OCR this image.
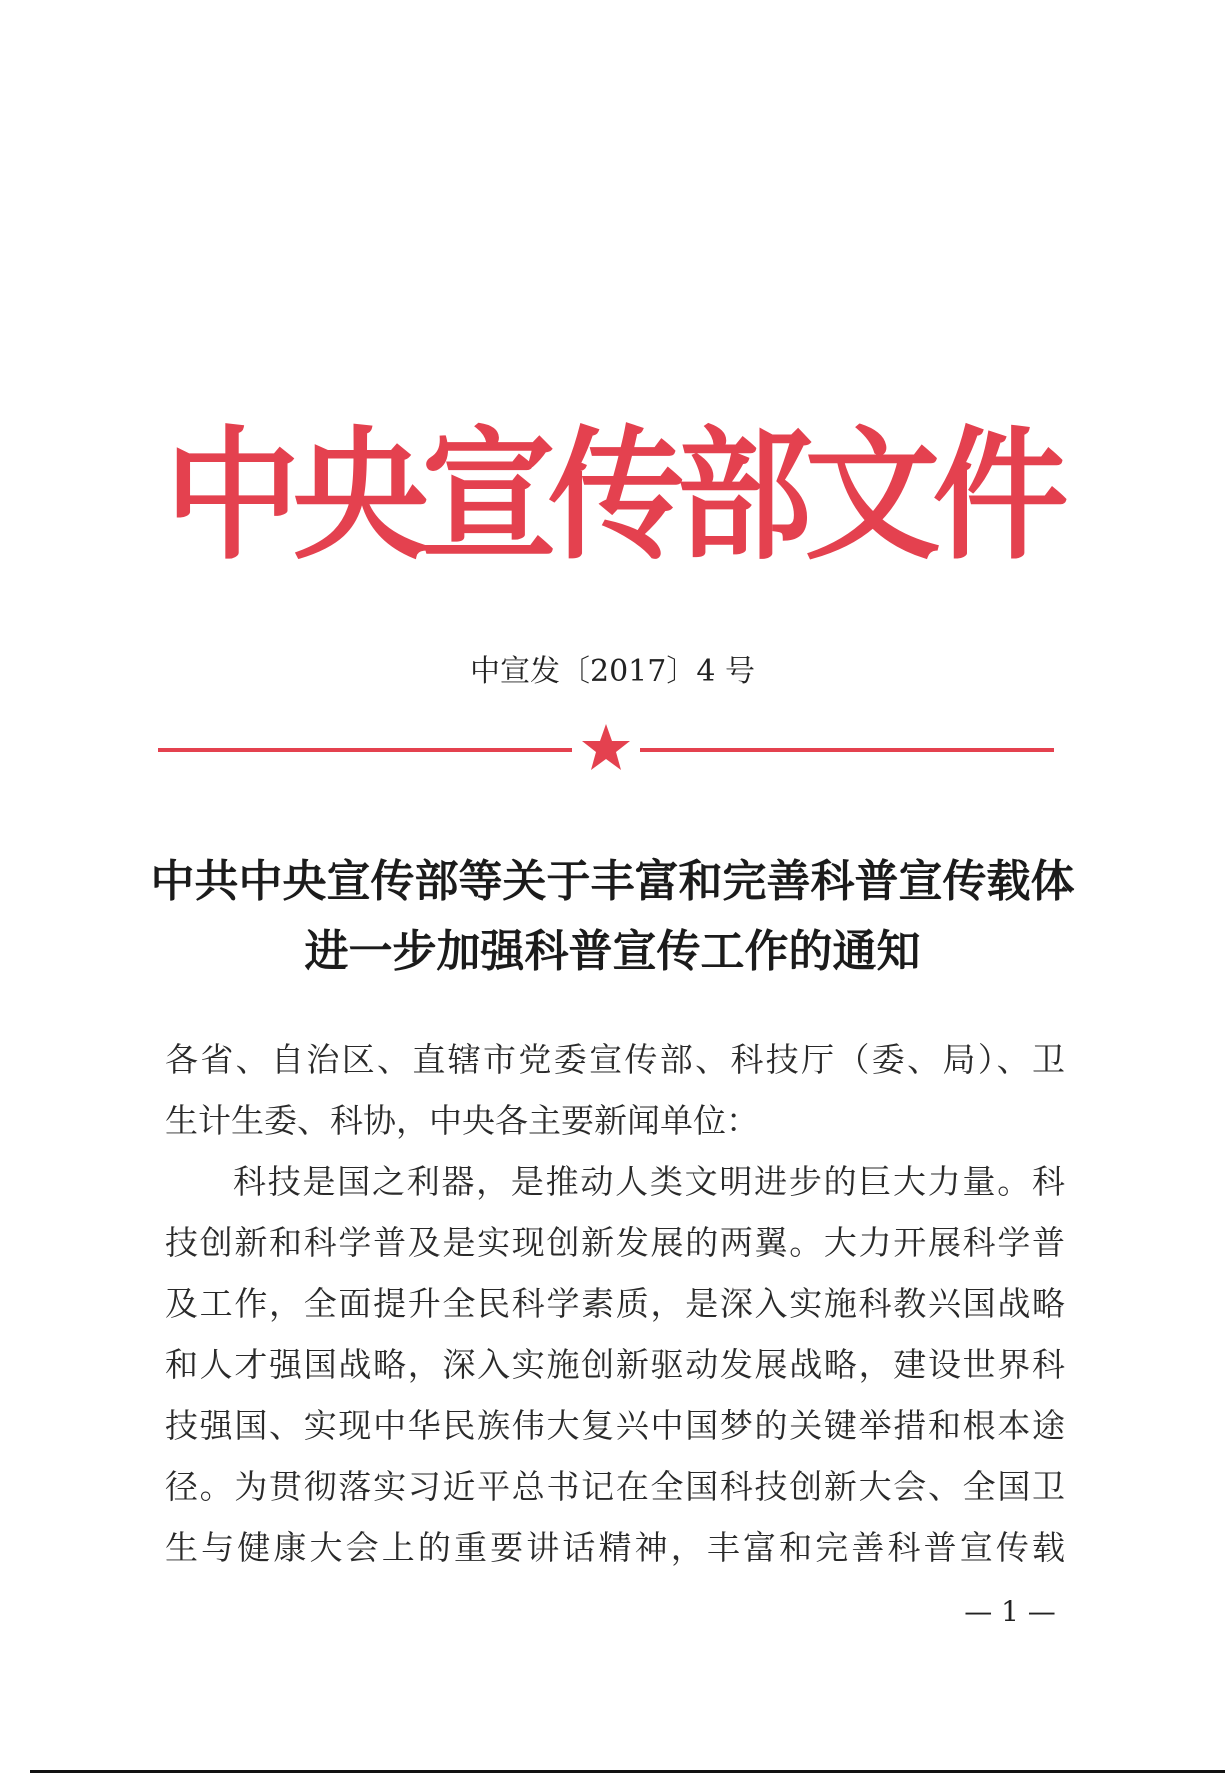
中央宣传部文件
中宣发〔2017〕4 号
中共中央宣传部等关于丰富和完善科普宣传载体
进一步加强科普宣传工作的通知
各省、自治区、直辖市党委宣传部、科技厅（委、局）、卫
生计生委、科协，中央各主要新闻单位：
科技是国之利器，是推动人类文明进步的巨大力量。科
技创新和科学普及是实现创新发展的两翼。大力开展科学普
及工作，全面提升全民科学素质，是深入实施科教兴国战略
和人才强国战略，深入实施创新驱动发展战略，建设世界科
技强国、实现中华民族伟大复兴中国梦的关键举措和根本途
径。为贯彻落实习近平总书记在全国科技创新大会、全国卫
生与健康大会上的重要讲话精神，丰富和完善科普宣传载
— 1 —
